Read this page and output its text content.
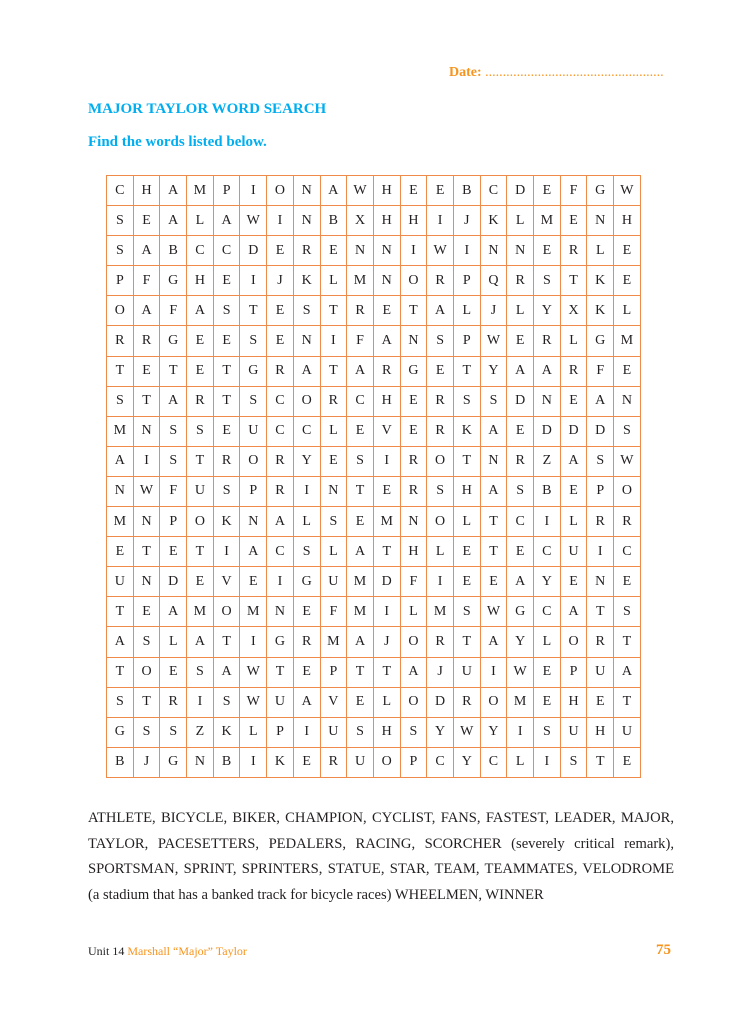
Date: ...................................................
MAJOR TAYLOR WORD SEARCH
Find the words listed below.
C	H	A	M	P	I	O	N	A	W	H	E	E	B	C	D	E	F	G	W
S	E	A	L	A	W	I	N	B	X	H	H	I	J	K	L	M	E	N	H
S	A	B	C	C	D	E	R	E	N	N	I	W	I	N	N	E	R	L	E
P	F	G	H	E	I	J	K	L	M	N	O	R	P	Q	R	S	T	K	E
O	A	F	A	S	T	E	S	T	R	E	T	A	L	J	L	Y	X	K	L
R	R	G	E	E	S	E	N	I	F	A	N	S	P	W	E	R	L	G	M
T	E	T	E	T	G	R	A	T	A	R	G	E	T	Y	A	A	R	F	E
S	T	A	R	T	S	C	O	R	C	H	E	R	S	S	D	N	E	A	N
M	N	S	S	E	U	C	C	L	E	V	E	R	K	A	E	D	D	D	S
A	I	S	T	R	O	R	Y	E	S	I	R	O	T	N	R	Z	A	S	W
N	W	F	U	S	P	R	I	N	T	E	R	S	H	A	S	B	E	P	O
M	N	P	O	K	N	A	L	S	E	M	N	O	L	T	C	I	L	R	R
E	T	E	T	I	A	C	S	L	A	T	H	L	E	T	E	C	U	I	C
U	N	D	E	V	E	I	G	U	M	D	F	I	E	E	A	Y	E	N	E
T	E	A	M	O	M	N	E	F	M	I	L	M	S	W	G	C	A	T	S
A	S	L	A	T	I	G	R	M	A	J	O	R	T	A	Y	L	O	R	T
T	O	E	S	A	W	T	E	P	T	T	A	J	U	I	W	E	P	U	A
S	T	R	I	S	W	U	A	V	E	L	O	D	R	O	M	E	H	E	T
G	S	S	Z	K	L	P	I	U	S	H	S	Y	W	Y	I	S	U	H	U
B	J	G	N	B	I	K	E	R	U	O	P	C	Y	C	L	I	S	T	E
ATHLETE, BICYCLE, BIKER, CHAMPION, CYCLIST, FANS, FASTEST, LEADER, MAJOR, TAYLOR, PACESETTERS, PEDALERS, RACING, SCORCHER (severely critical remark), SPORTSMAN, SPRINT, SPRINTERS, STATUE, STAR, TEAM, TEAMMATES, VELODROME (a stadium that has a banked track for bicycle races) WHEELMEN, WINNER
Unit 14 Marshall “Major” Taylor	75
